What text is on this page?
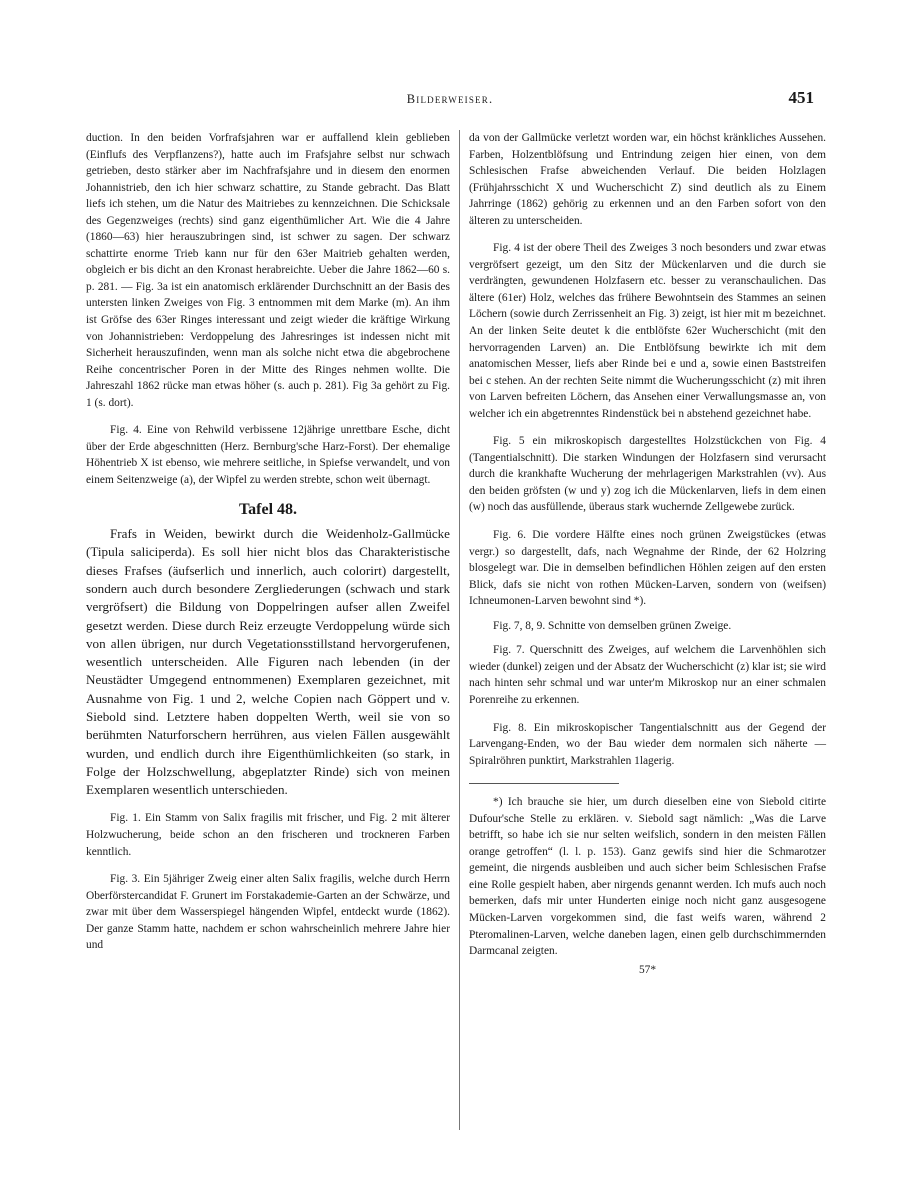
Bilderweiser.	451

duction. In den beiden Vorfrafsjahren war er auffallend klein geblieben (Einflufs des Verpflanzens?), hatte auch im Frafsjahre selbst nur schwach getrieben, desto stärker aber im Nachfrafsjahre und in diesem den enormen Johannistrieb, den ich hier schwarz schattire, zu Stande gebracht. Das Blatt liefs ich stehen, um die Natur des Maitriebes zu kennzeichnen. Die Schicksale des Gegenzweiges (rechts) sind ganz eigenthümlicher Art. Wie die 4 Jahre (1860—63) hier herauszubringen sind, ist schwer zu sagen. Der schwarz schattirte enorme Trieb kann nur für den 63er Maitrieb gehalten werden, obgleich er bis dicht an den Kronast herabreichte. Ueber die Jahre 1862—60 s. p. 281. — Fig. 3a ist ein anatomisch erklärender Durchschnitt an der Basis des untersten linken Zweiges von Fig. 3 entnommen mit dem Marke (m). An ihm ist Gröfse des 63er Ringes interessant und zeigt wieder die kräftige Wirkung von Johannistrieben: Verdoppelung des Jahresringes ist indessen nicht mit Sicherheit herauszufinden, wenn man als solche nicht etwa die abgebrochene Reihe concentrischer Poren in der Mitte des Ringes nehmen wollte. Die Jahreszahl 1862 rücke man etwas höher (s. auch p. 281). Fig 3a gehört zu Fig. 1 (s. dort).

Fig. 4. Eine von Rehwild verbissene 12jährige unrettbare Esche, dicht über der Erde abgeschnitten (Herz. Bernburg'sche Harz-Forst). Der ehemalige Höhentrieb X ist ebenso, wie mehrere seitliche, in Spiefse verwandelt, und von einem Seitenzweige (a), der Wipfel zu werden strebte, schon weit übernagt.

Tafel 48.

Frafs in Weiden, bewirkt durch die Weidenholz-Gallmücke (Tipula saliciperda). Es soll hier nicht blos das Charakteristische dieses Frafses (äufserlich und innerlich, auch colorirt) dargestellt, sondern auch durch besondere Zergliederungen (schwach und stark vergröfsert) die Bildung von Doppelringen aufser allen Zweifel gesetzt werden. Diese durch Reiz erzeugte Verdoppelung würde sich von allen übrigen, nur durch Vegetationsstillstand hervorgerufenen, wesentlich unterscheiden. Alle Figuren nach lebenden (in der Neustädter Umgegend entnommenen) Exemplaren gezeichnet, mit Ausnahme von Fig. 1 und 2, welche Copien nach Göppert und v. Siebold sind. Letztere haben doppelten Werth, weil sie von so berühmten Naturforschern herrühren, aus vielen Fällen ausgewählt wurden, und endlich durch ihre Eigenthümlichkeiten (so stark, in Folge der Holzschwellung, abgeplatzter Rinde) sich von meinen Exemplaren wesentlich unterschieden.

Fig. 1. Ein Stamm von Salix fragilis mit frischer, und Fig. 2 mit älterer Holzwucherung, beide schon an den frischeren und trockneren Farben kenntlich.

Fig. 3. Ein 5jähriger Zweig einer alten Salix fragilis, welche durch Herrn Oberförstercandidat F. Grunert im Forstakademie-Garten an der Schwärze, und zwar mit über dem Wasserspiegel hängenden Wipfel, entdeckt wurde (1862). Der ganze Stamm hatte, nachdem er schon wahrscheinlich mehrere Jahre hier und

da von der Gallmücke verletzt worden war, ein höchst kränkliches Aussehen. Farben, Holzentblöfsung und Entrindung zeigen hier einen, von dem Schlesischen Frafse abweichenden Verlauf. Die beiden Holzlagen (Frühjahrsschicht X und Wucherschicht Z) sind deutlich als zu Einem Jahrringe (1862) gehörig zu erkennen und an den Farben sofort von den älteren zu unterscheiden.

Fig. 4 ist der obere Theil des Zweiges 3 noch besonders und zwar etwas vergröfsert gezeigt, um den Sitz der Mückenlarven und die durch sie verdrängten, gewundenen Holzfasern etc. besser zu veranschaulichen. Das ältere (61er) Holz, welches das frühere Bewohntsein des Stammes an seinen Löchern (sowie durch Zerrissenheit an Fig. 3) zeigt, ist hier mit m bezeichnet. An der linken Seite deutet k die entblöfste 62er Wucherschicht (mit den hervorragenden Larven) an. Die Entblöfsung bewirkte ich mit dem anatomischen Messer, liefs aber Rinde bei e und a, sowie einen Baststreifen bei c stehen. An der rechten Seite nimmt die Wucherungsschicht (z) mit ihren von Larven befreiten Löchern, das Ansehen einer Verwallungsmasse an, von welcher ich ein abgetrenntes Rindenstück bei n abstehend gezeichnet habe.

Fig. 5 ein mikroskopisch dargestelltes Holzstückchen von Fig. 4 (Tangentialschnitt). Die starken Windungen der Holzfasern sind verursacht durch die krankhafte Wucherung der mehrlagerigen Markstrahlen (vv). Aus den beiden gröfsten (w und y) zog ich die Mückenlarven, liefs in dem einen (w) noch das ausfüllende, überaus stark wuchernde Zellgewebe zurück.

Fig. 6. Die vordere Hälfte eines noch grünen Zweigstückes (etwas vergr.) so dargestellt, dafs, nach Wegnahme der Rinde, der 62 Holzring blosgelegt war. Die in demselben befindlichen Höhlen zeigen auf den ersten Blick, dafs sie nicht von rothen Mücken-Larven, sondern von (weifsen) Ichneumonen-Larven bewohnt sind *).

Fig. 7, 8, 9. Schnitte von demselben grünen Zweige.

Fig. 7. Querschnitt des Zweiges, auf welchem die Larvenhöhlen sich wieder (dunkel) zeigen und der Absatz der Wucherschicht (z) klar ist; sie wird nach hinten sehr schmal und war unter'm Mikroskop nur an einer schmalen Porenreihe zu erkennen.

Fig. 8. Ein mikroskopischer Tangentialschnitt aus der Gegend der Larvengang-Enden, wo der Bau wieder dem normalen sich näherte — Spiralröhren punktirt, Markstrahlen 1lagerig.

*) Ich brauche sie hier, um durch dieselben eine von Siebold citirte Dufour'sche Stelle zu erklären. v. Siebold sagt nämlich: „Was die Larve betrifft, so habe ich sie nur selten weifslich, sondern in den meisten Fällen orange getroffen“ (l. l. p. 153). Ganz gewifs sind hier die Schmarotzer gemeint, die nirgends ausbleiben und auch sicher beim Schlesischen Frafse eine Rolle gespielt haben, aber nirgends genannt werden. Ich mufs auch noch bemerken, dafs mir unter Hunderten einige noch nicht ganz ausgesogene Mücken-Larven vorgekommen sind, die fast weifs waren, während 2 Pteromalinen-Larven, welche daneben lagen, einen gelb durchschimmernden Darmcanal zeigten.

57*
